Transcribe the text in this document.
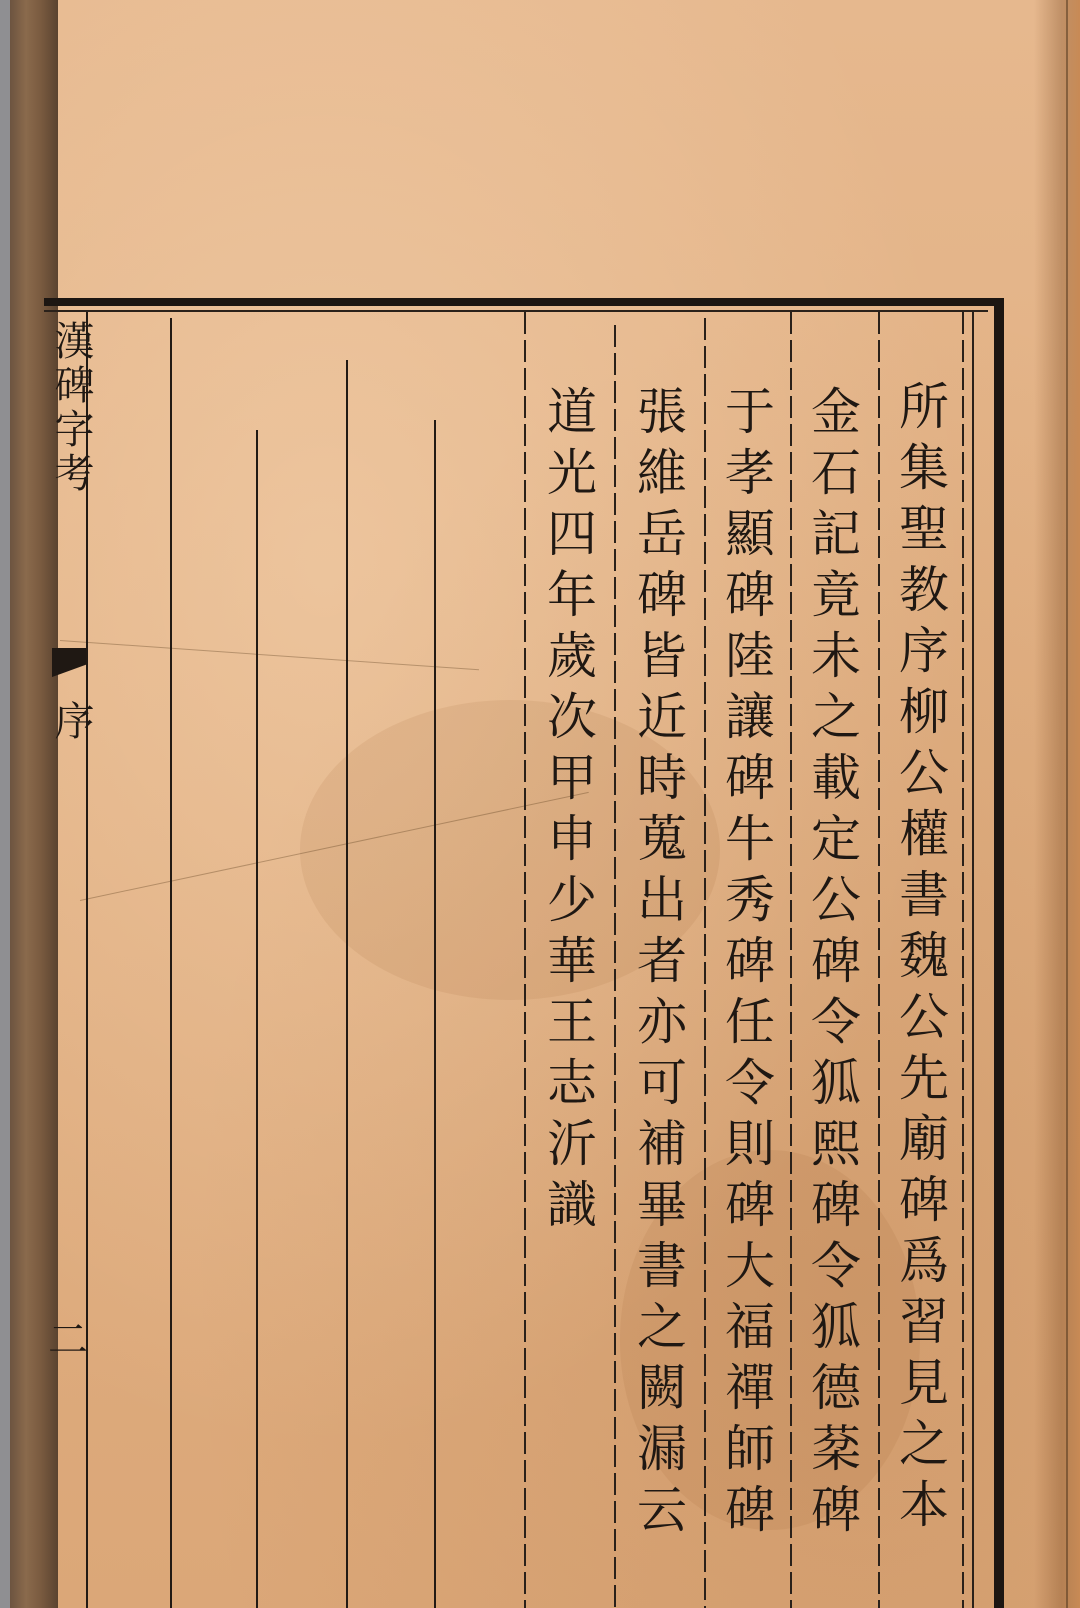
漢碑字考
序
二	所集聖教序柳公權書魏公先廟碑爲習見之本
金石記竟未之載定公碑令狐熙碑令狐德棻碑
于孝顯碑陸讓碑牛秀碑任令則碑大福禪師碑
張維岳碑皆近時蒐出者亦可補畢書之闕漏云
道光四年歲次甲申少華王志沂識
